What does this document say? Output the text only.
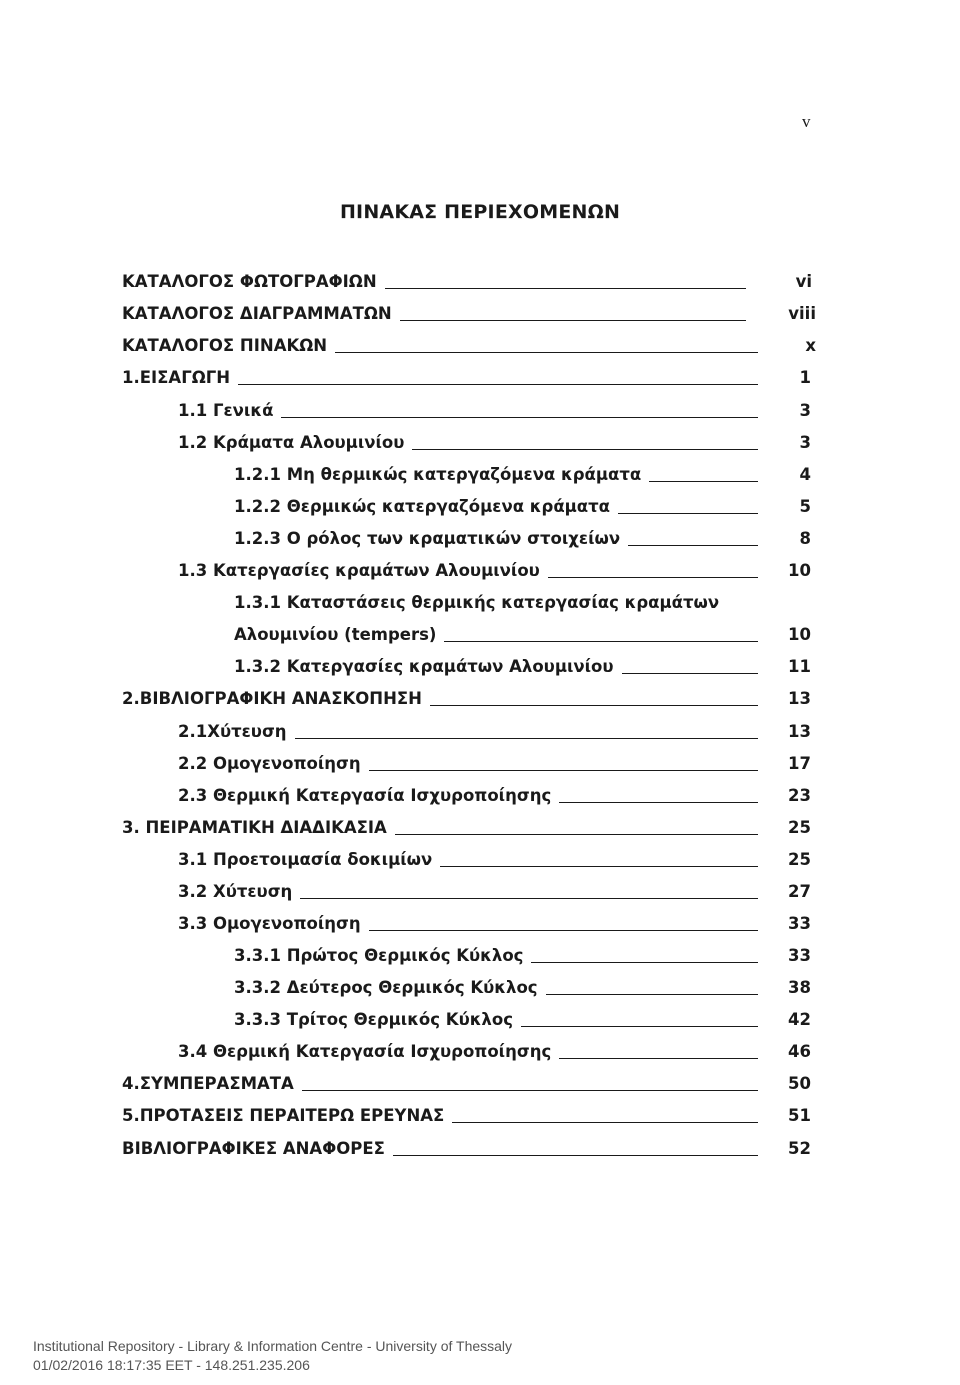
v
ΠΙΝΑΚΑΣ ΠΕΡΙΕΧΟΜΕΝΩΝ
ΚΑΤΑΛΟΓΟΣ ΦΩΤΟΓΡΑΦΙΩΝ
ΚΑΤΑΛΟΓΟΣ ΔΙΑΓΡΑΜΜΑΤΩΝ
ΚΑΤΑΛΟΓΟΣ ΠΙΝΑΚΩΝ
1.ΕΙΣΑΓΩΓΗ
1.1 Γενικά
1.2 Κράματα Αλουμινίου
1.2.1 Μη θερμικώς κατεργαζόμενα κράματα
1.2.2 Θερμικώς κατεργαζόμενα κράματα
1.2.3 Ο ρόλος των κραματικών στοιχείων
1.3 Κατεργασίες κραμάτων Αλουμινίου
1.3.1 Καταστάσεις θερμικής κατεργασίας κραμάτων
Αλουμινίου (tempers)
1.3.2 Κατεργασίες κραμάτων Αλουμινίου
2.ΒΙΒΛΙΟΓΡΑΦΙΚΗ ΑΝΑΣΚΟΠΗΣΗ
2.1Χύτευση
2.2 Ομογενοποίηση
2.3 Θερμική Κατεργασία Ισχυροποίησης
3. ΠΕΙΡΑΜΑΤΙΚΗ ΔΙΑΔΙΚΑΣΙΑ
3.1 Προετοιμασία δοκιμίων
3.2 Χύτευση
3.3 Ομογενοποίηση
3.3.1 Πρώτος Θερμικός Κύκλος
3.3.2 Δεύτερος Θερμικός Κύκλος
3.3.3 Τρίτος Θερμικός Κύκλος
3.4 Θερμική Κατεργασία Ισχυροποίησης
4.ΣΥΜΠΕΡΑΣΜΑΤΑ
5.ΠΡΟΤΑΣΕΙΣ ΠΕΡΑΙΤΕΡΩ ΕΡΕΥΝΑΣ
ΒΙΒΛΙΟΓΡΑΦΙΚΕΣ ΑΝΑΦΟΡΕΣ
vi
viii
x
1
3
3
4
5
8
10
10
11
13
13
17
23
25
25
27
33
33
38
42
46
50
51
52
Institutional Repository - Library & Information Centre - University of Thessaly
01/02/2016 18:17:35 EET - 148.251.235.206
